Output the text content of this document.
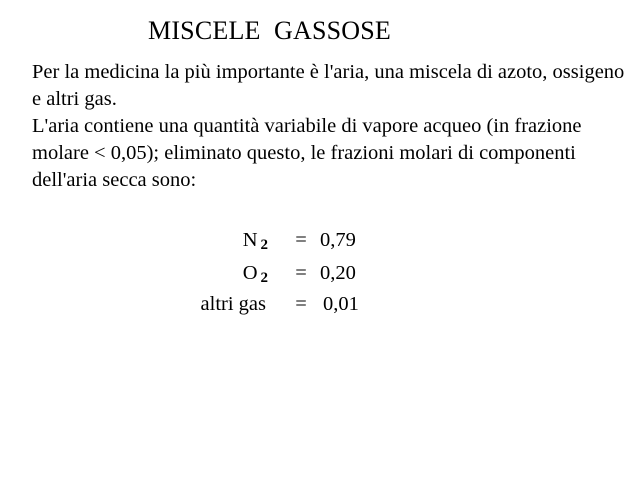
MISCELE  GASSOSE

Per la medicina la più importante è l'aria, una miscela di azoto, ossigeno e altri gas.

L'aria contiene una quantità variabile di vapore acqueo (in frazione molare < 0,05); eliminato questo, le frazioni molari di componenti dell'aria secca sono:

N 2 = 0,79
O 2 = 0,20
altri gas = 0,01
